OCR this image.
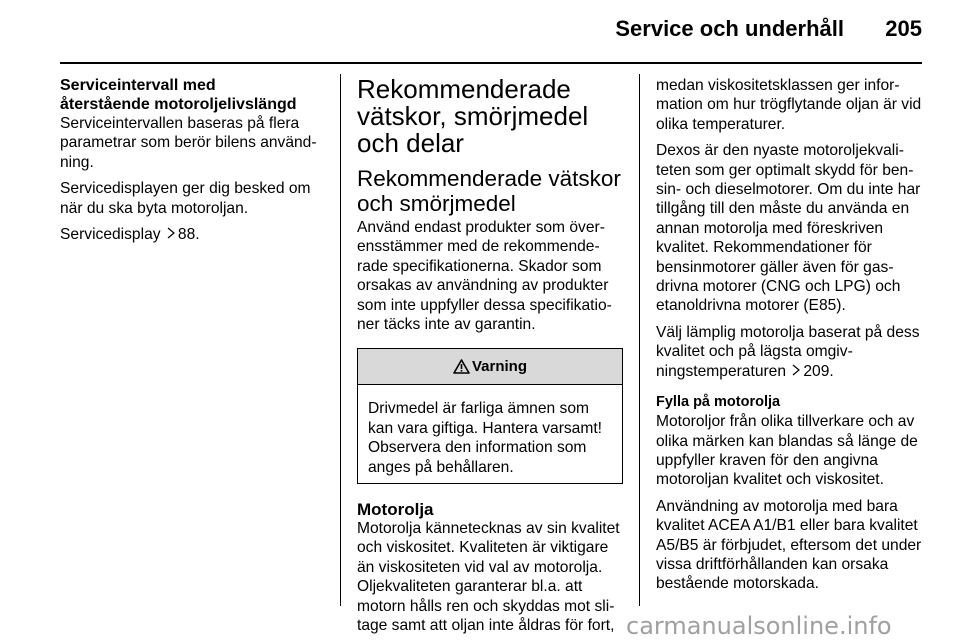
Service och underhåll 205
Serviceintervall med
återstående motoroljelivslängd

Serviceintervallen baseras på flera parametrar som berör bilens användning.

Servicedisplayen ger dig besked om när du ska byta motoroljan.

Servicedisplay 88.

Rekommenderade vätskor, smörjmedel och delar
Rekommenderade vätskor och smörjmedel

Använd endast produkter som överensstämmer med de rekommenderade specifikationerna. Skador som orsakas av användning av produkter som inte uppfyller dessa specifikationer täcks inte av garantin.

Varning
Drivmedel är farliga ämnen som kan vara giftiga. Hantera varsamt! Observera den information som anges på behållaren.
Motorolja

Motorolja kännetecknas av sin kvalitet och viskositet. Kvaliteten är viktigare än viskositeten vid val av motorolja. Oljekvaliteten garanterar bl.a. att motorn hålls ren och skyddas mot slitage samt att oljan inte åldras för fort,

medan viskositetsklassen ger information om hur trögflytande oljan är vid olika temperaturer.

Dexos är den nyaste motoroljekvaliteten som ger optimalt skydd för bensin- och dieselmotorer. Om du inte har tillgång till den måste du använda en annan motorolja med föreskriven kvalitet. Rekommendationer för bensinmotorer gäller även för gasdrivna motorer (CNG och LPG) och etanoldrivna motorer (E85).

Välj lämplig motorolja baserat på dess kvalitet och på lägsta omgivningstemperaturen 209.

Fylla på motorolja

Motoroljor från olika tillverkare och av olika märken kan blandas så länge de uppfyller kraven för den angivna motoroljan kvalitet och viskositet.

Användning av motorolja med bara kvalitet ACEA A1/B1 eller bara kvalitet A5/B5 är förbjudet, eftersom det under vissa driftförhållanden kan orsaka bestående motorskada.

carmanualsonline.info
